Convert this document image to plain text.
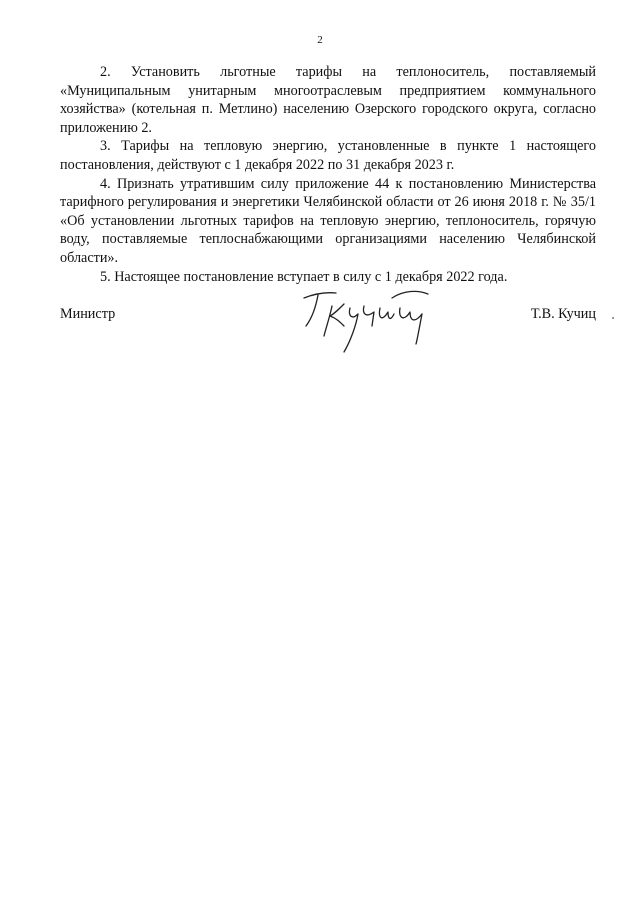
2

2. Установить льготные тарифы на теплоноситель, поставляемый «Муниципальным унитарным многоотраслевым предприятием коммунального хозяйства» (котельная п. Метлино) населению Озерского городского округа, согласно приложению 2.

3. Тарифы на тепловую энергию, установленные в пункте 1 настоящего постановления, действуют с 1 декабря 2022 по 31 декабря 2023 г.

4. Признать утратившим силу приложение 44 к постановлению Министерства тарифного регулирования и энергетики Челябинской области от 26 июня 2018 г. № 35/1 «Об установлении льготных тарифов на тепловую энергию, теплоноситель, горячую воду, поставляемые теплоснабжающими организациями населению Челябинской области».

5. Настоящее постановление вступает в силу с 1 декабря 2022 года.

Министр	Т.В. Кучиц
